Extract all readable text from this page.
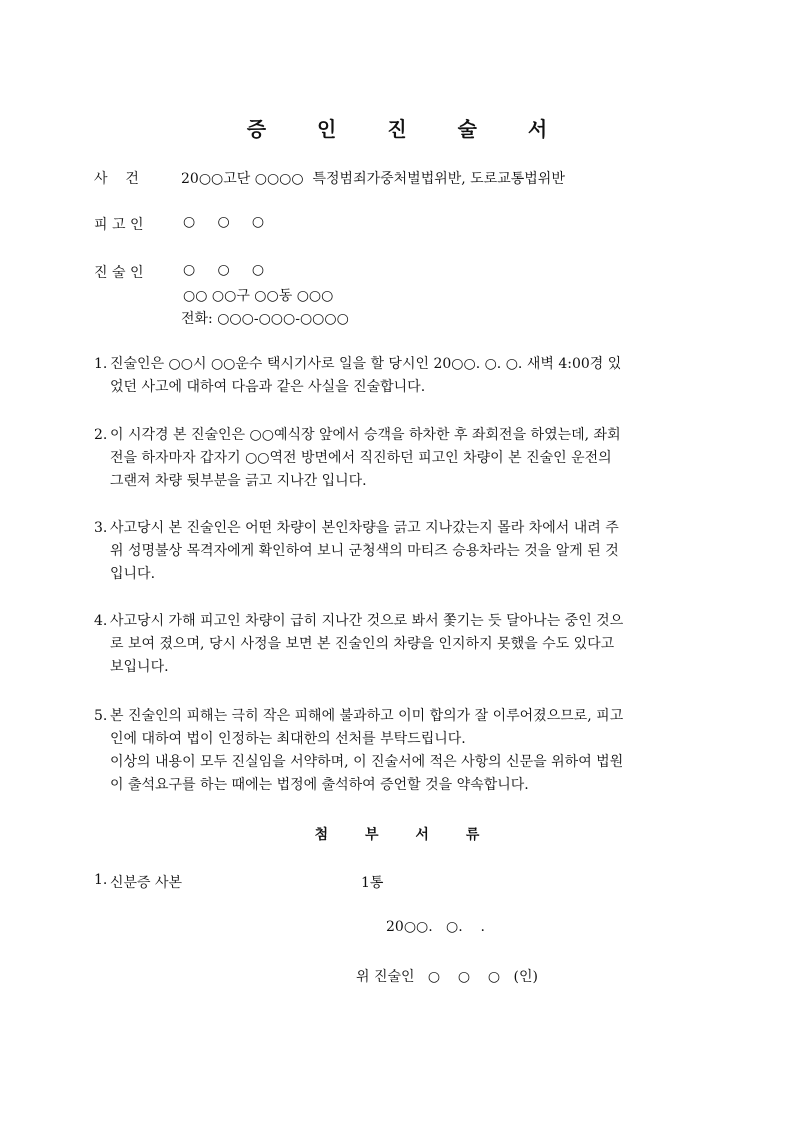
증 인 진 술 서
사    건	20○○고단 ○○○○  특정범죄가중처벌법위반, 도로교통법위반
피 고 인	○     ○     ○
진 술 인	○     ○     ○
○○ ○○구 ○○동 ○○○
전화: ○○○-○○○-○○○○
1. 진술인은 ○○시 ○○운수 택시기사로 일을 할 당시인 20○○. ○. ○. 새벽 4:00경 있
었던 사고에 대하여 다음과 같은 사실을 진술합니다.
2. 이 시각경 본 진술인은 ○○예식장 앞에서 승객을 하차한 후 좌회전을 하였는데, 좌회
전을 하자마자 갑자기 ○○역전 방면에서 직진하던 피고인 차량이 본 진술인 운전의
그랜져 차량 뒷부분을 긁고 지나간 입니다.
3. 사고당시 본 진술인은 어떤 차량이 본인차량을 긁고 지나갔는지 몰라 차에서 내려 주
위 성명불상 목격자에게 확인하여 보니 군청색의 마티즈 승용차라는 것을 알게 된 것
입니다.
4. 사고당시 가해 피고인 차량이 급히 지나간 것으로 봐서 쫓기는 듯 달아나는 중인 것으
로 보여 졌으며, 당시 사정을 보면 본 진술인의 차량을 인지하지 못했을 수도 있다고
보입니다.
5. 본 진술인의 피해는 극히 작은 피해에 불과하고 이미 합의가 잘 이루어졌으므로, 피고
인에 대하여 법이 인정하는 최대한의 선처를 부탁드립니다.
이상의 내용이 모두 진실임을 서약하며, 이 진술서에 적은 사항의 신문을 위하여 법원
이 출석요구를 하는 때에는 법정에 출석하여 증언할 것을 약속합니다.
첨 부 서 류
1. 신분증 사본	1통
20○○.   ○.    .
위 진술인   ○    ○    ○   (인)
